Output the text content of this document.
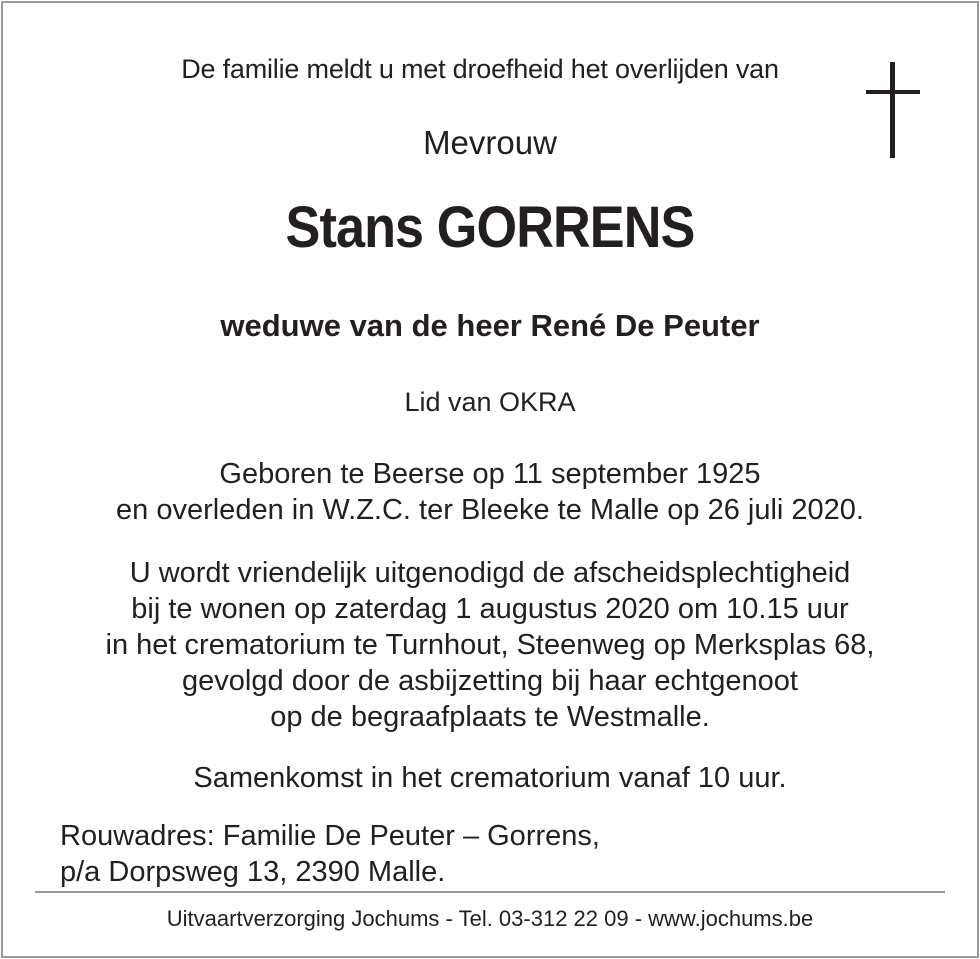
De familie meldt u met droefheid het overlijden van
Mevrouw
Stans GORRENS
weduwe van de heer René De Peuter
Lid van OKRA
Geboren te Beerse op 11 september 1925
en overleden in W.Z.C. ter Bleeke te Malle op 26 juli 2020.
U wordt vriendelijk uitgenodigd de afscheidsplechtigheid
bij te wonen op zaterdag 1 augustus 2020 om 10.15 uur
in het crematorium te Turnhout, Steenweg op Merksplas 68,
gevolgd door de asbijzetting bij haar echtgenoot
op de begraafplaats te Westmalle.
Samenkomst in het crematorium vanaf 10 uur.
Rouwadres: Familie De Peuter – Gorrens,
p/a Dorpsweg 13, 2390 Malle.
Uitvaartverzorging Jochums - Tel. 03-312 22 09 - www.jochums.be
